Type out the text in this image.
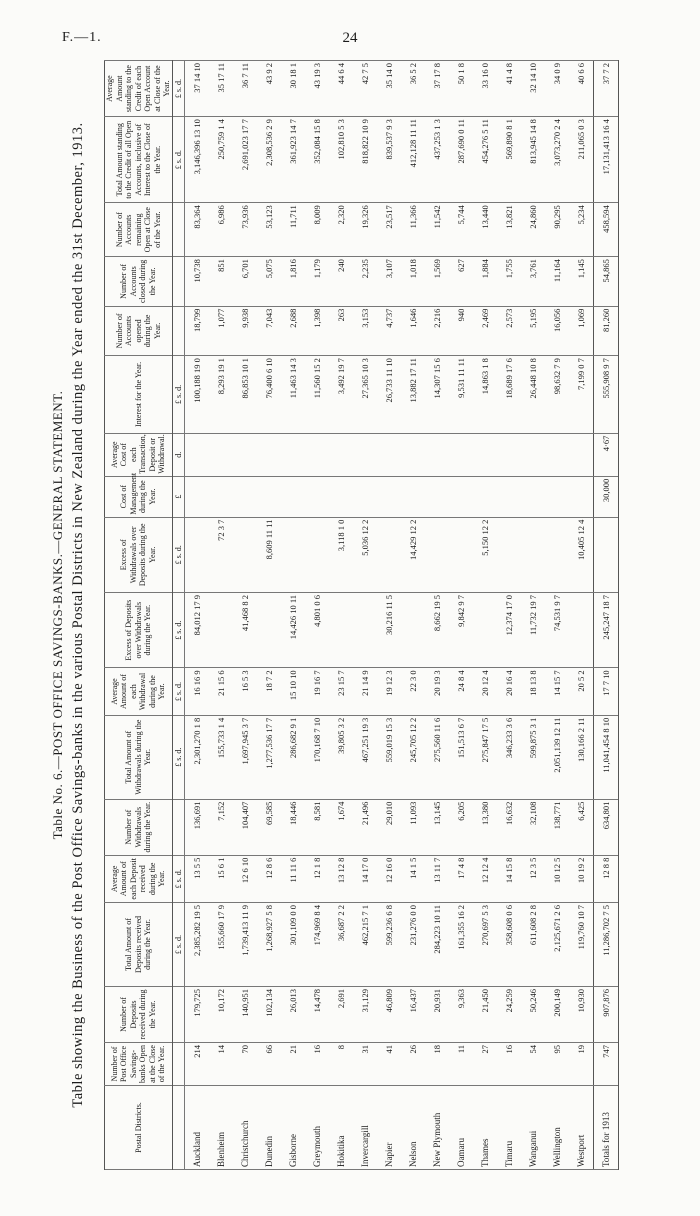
F.—1.	24
Table No. 6.—POST OFFICE SAVINGS-BANKS.—GENERAL STATEMENT. Table showing the Business of the Post Office Savings-banks in the various Postal Districts in New Zealand during the Year ended the 31st December, 1913.
Postal Districts.	Number of Post Office Savings-banks Open at the Close of the Year.	Number of Deposits received during the Year.	Total Amount of Deposits received during the Year.	Average Amount of each Deposit received during the Year.	Number of Withdrawals during the Year.	Total Amount of Withdrawals during the Year.	Average Amount of each Withdrawal during the Year.	Excess of Deposits over Withdrawals during the Year.	Excess of Withdrawals over Deposits during the Year.	Cost of Management during the Year.	Average Cost of each Transaction, Deposit or Withdrawal.	Interest for the Year.	Number of Accounts opened during the Year.	Number of Accounts closed during the Year.	Number of Accounts remaining Open at Close of the Year.	Total Amount standing to the Credit of all Open Accounts, inclusive of Interest to the Close of the Year.	Average Amount standing to the Credit of each Open Account at Close of the Year.
			£ s. d.	£ s. d.		£ s. d.	£ s. d.	£ s. d.	£ s. d.	£	d.	£ s. d.				£ s. d.	£ s. d.
Auckland	214	179,725	2,385,282 19 5	13 5 5	136,691	2,301,270 1 8	16 16 9	84,012 17 9				100,188 19 0	18,799	10,738	83,364	3,146,396 13 10	37 14 10
Blenheim	14	10,172	155,660 17 9	15 6 1	7,152	155,733 1 4	21 15 6		72 3 7			8,293 19 1	1,077	851	6,986	250,759 1 4	35 17 11
Christchurch	70	140,951	1,739,413 11 9	12 6 10	104,407	1,697,945 3 7	16 5 3	41,468 8 2				86,853 10 1	9,938	6,701	73,936	2,691,023 17 7	36 7 11
Dunedin	66	102,134	1,268,927 5 8	12 8 6	69,585	1,277,536 17 7	18 7 2		8,609 11 11			76,400 6 10	7,043	5,075	53,123	2,308,536 2 9	43 9 2
Gisborne	21	26,013	301,109 0 0	11 11 6	18,446	286,682 9 1	15 10 10	14,426 10 11				11,463 14 3	2,688	1,816	11,711	361,923 14 7	30 18 1
Greymouth	16	14,478	174,969 8 4	12 1 8	8,581	170,168 7 10	19 16 7	4,801 0 6				11,560 15 2	1,398	1,179	8,009	352,084 15 8	43 19 3
Hokitika	8	2,691	36,687 2 2	13 12 8	1,674	39,805 3 2	23 15 7		3,118 1 0			3,492 19 7	263	240	2,320	102,810 5 3	44 6 4
Invercargill	31	31,129	462,215 7 1	14 17 0	21,496	467,251 19 3	21 14 9		5,036 12 2			27,365 10 3	3,153	2,235	19,326	818,822 10 9	42 7 5
Napier	41	46,809	599,236 6 8	12 16 0	29,010	559,019 15 3	19 12 3	30,216 11 5				26,733 11 10	4,737	3,107	23,517	839,537 9 3	35 14 0
Nelson	26	16,437	231,276 0 0	14 1 5	11,093	245,705 12 2	22 3 0		14,429 12 2			13,882 17 11	1,646	1,018	11,366	412,128 11 11	36 5 2
New Plymouth	18	20,931	284,223 10 11	13 11 7	13,145	275,560 11 6	20 19 3	8,662 19 5				14,307 15 6	2,216	1,569	11,542	437,253 1 3	37 17 8
Oamaru	11	9,363	161,355 16 2	17 4 8	6,205	151,513 6 7	24 8 4	9,842 9 7				9,531 11 11	940	627	5,744	287,690 0 11	50 1 8
Thames	27	21,450	270,697 5 3	12 12 4	13,380	275,847 17 5	20 12 4		5,150 12 2			14,863 1 8	2,469	1,884	13,440	454,276 5 11	33 16 0
Timaru	16	24,259	358,608 0 6	14 15 8	16,632	346,233 3 6	20 16 4	12,374 17 0				18,689 17 6	2,573	1,755	13,821	569,890 8 1	41 4 8
Wanganui	54	50,246	611,608 2 8	12 3 5	32,108	599,875 3 1	18 13 8	11,732 19 7				26,448 10 8	5,195	3,761	24,860	813,945 14 8	32 14 10
Wellington	95	200,149	2,125,671 2 6	10 12 5	138,771	2,051,139 12 11	14 15 7	74,531 9 7				98,632 7 9	16,056	11,164	90,295	3,073,270 2 4	34 0 9
Westport	19	10,930	119,760 10 7	10 19 2	6,425	130,166 2 11	20 5 2		10,405 12 4			7,199 0 7	1,069	1,145	5,234	211,065 0 3	40 6 6
Totals for 1913	747	907,876	11,286,702 7 5	12 8 8	634,801	11,041,454 8 10	17 7 10	245,247 18 7		30,000	4·67	555,908 9 7	81,260	54,865	458,594	17,131,413 16 4	37 7 2
